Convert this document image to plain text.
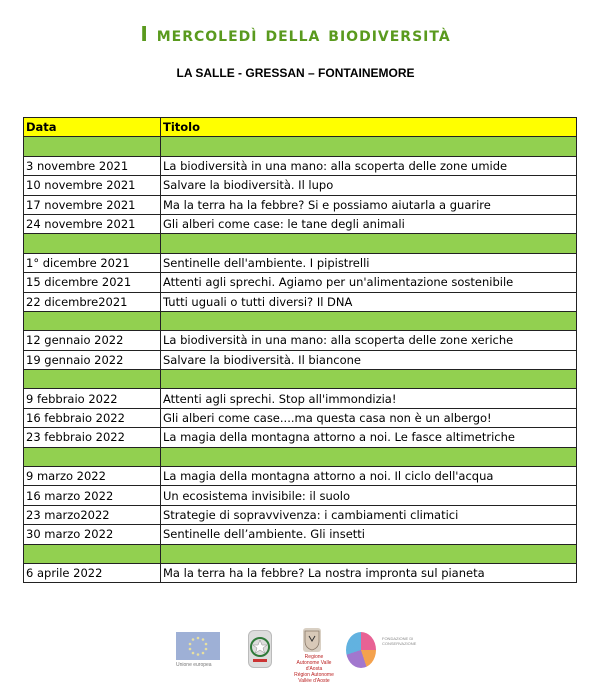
I mercoledì della biodiversità
LA SALLE - GRESSAN – FONTAINEMORE
Data	Titolo

3 novembre 2021	La biodiversità in una mano: alla scoperta delle zone umide
10 novembre 2021	Salvare la biodiversità. Il lupo
17 novembre 2021	Ma la terra ha la febbre? Si e possiamo aiutarla a guarire
24 novembre 2021	Gli alberi come case: le tane degli animali

1° dicembre 2021	Sentinelle dell'ambiente. I pipistrelli
15 dicembre 2021	Attenti agli sprechi. Agiamo per un'alimentazione sostenibile
22 dicembre2021	Tutti uguali o tutti diversi? Il DNA

12 gennaio 2022	La biodiversità in una mano: alla scoperta delle zone xeriche
19 gennaio 2022	Salvare la biodiversità. Il biancone

9 febbraio 2022	Attenti agli sprechi. Stop all'immondizia!
16 febbraio 2022	Gli alberi come case....ma questa casa non è un albergo!
23 febbraio 2022	La magia della montagna attorno a noi. Le fasce altimetriche

9 marzo 2022	La magia della montagna attorno a noi. Il ciclo dell'acqua
16 marzo 2022	Un ecosistema invisibile: il suolo
23 marzo2022	Strategie di sopravvivenza: i cambiamenti climatici
30 marzo 2022	Sentinelle dell’ambiente. Gli insetti

6 aprile 2022	Ma la terra ha la febbre? La nostra impronta sul pianeta
Unione europea
Regione Autonome Valle d'Aosta
Région Autonome Vallée d'Aoste
FONDAZIONE DI CONSERVAZIONE
